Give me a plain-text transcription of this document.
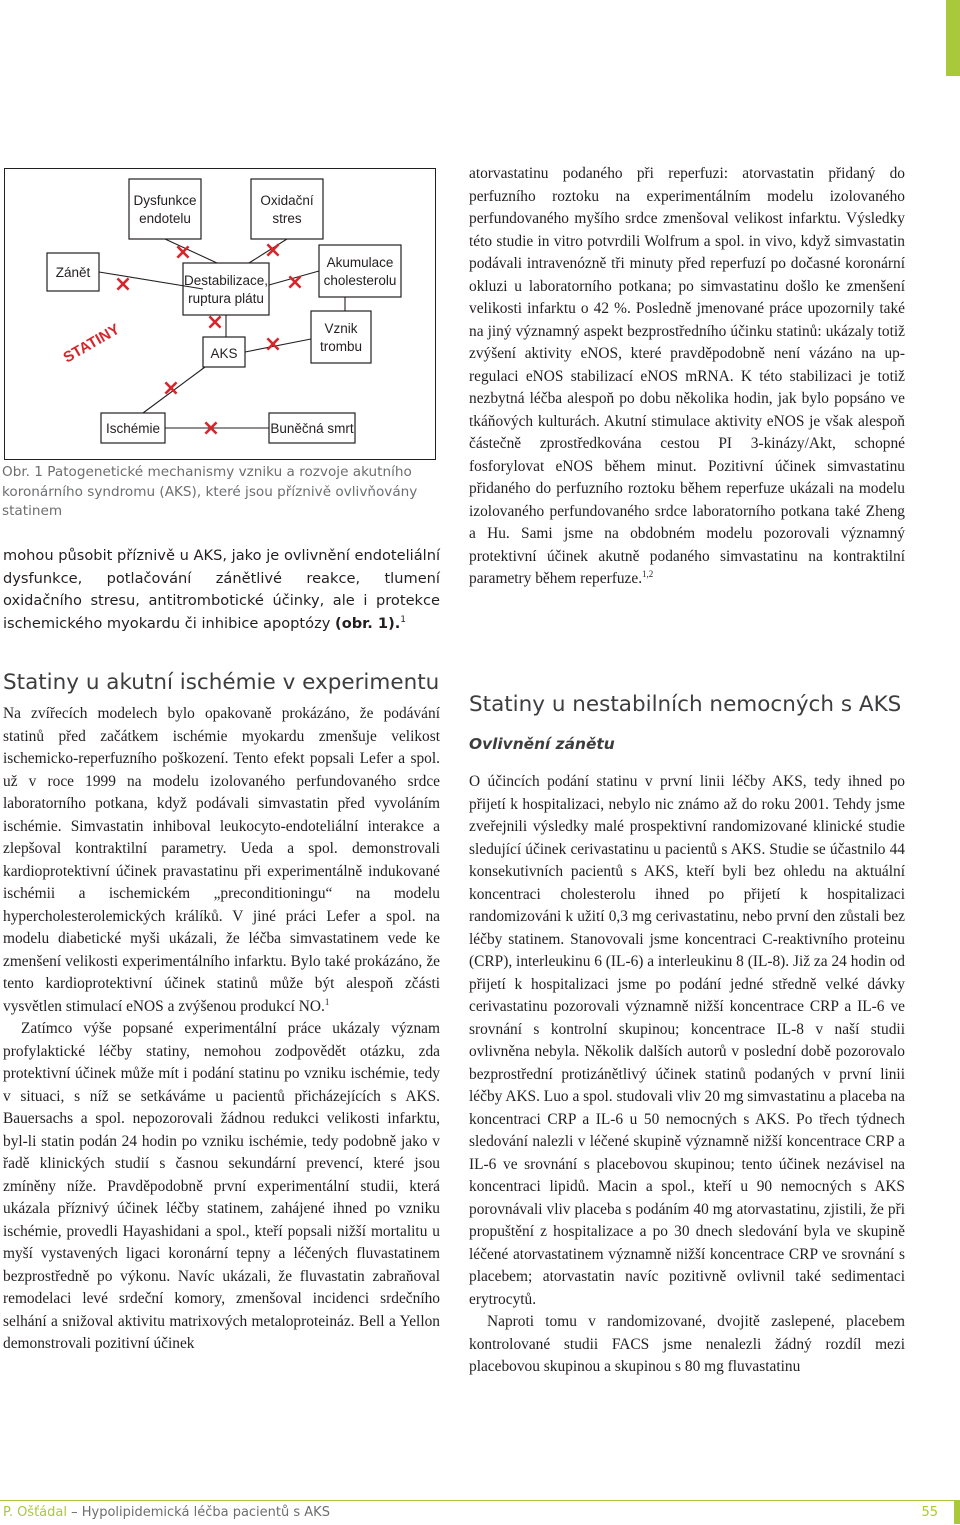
×
×	×
×
×
×
×
×
Zánět
Dysfunkce
endotelu
Oxidační
stres
Akumulace
cholesterolu
Destabilizace,
ruptura plátu
Vznik
trombu
AKS
Ischémie	Buněčná smrt
STATINY
Obr. 1 Patogenetické mechanismy vzniku a rozvoje akutního koronárního syndromu (AKS), které jsou příznivě ovlivňovány statinem

mohou působit příznivě u AKS, jako je ovlivnění endoteliální dysfunkce, potlačování zánětlivé reakce, tlumení oxidačního stresu, antitrombotické účinky, ale i protekce ischemického myokardu či inhibice apoptózy (obr. 1).$^1$

Statiny u akutní ischémie v experimentu

Na zvířecích modelech bylo opakovaně prokázáno, že podávání statinů před začátkem ischémie myokardu zmenšuje velikost ischemicko-reperfuzního poškození. Tento efekt popsali Lefer a spol. už v roce 1999 na modelu izolovaného perfundovaného srdce laboratorního potkana, když podávali simvastatin před vyvoláním ischémie. Simvastatin inhiboval leukocyto-endoteliální interakce a zlepšoval kontraktilní parametry. Ueda a spol. demonstrovali kardioprotektivní účinek pravastatinu při experimentálně indukované ischémii a ischemickém „preconditioningu“ na modelu hypercholesterolemických králíků. V jiné práci Lefer a spol. na modelu diabetické myši ukázali, že léčba simvastatinem vede ke zmenšení velikosti experimentálního infarktu. Bylo také prokázáno, že tento kardioprotektivní účinek statinů může být alespoň zčásti vysvětlen stimulací eNOS a zvýšenou produkcí NO.$^1$

Zatímco výše popsané experimentální práce ukázaly význam profylaktické léčby statiny, nemohou zodpovědět otázku, zda protektivní účinek může mít i podání statinu po vzniku ischémie, tedy v situaci, s níž se setkáváme u pacientů přicházejících s AKS. Bauersachs a spol. nepozorovali žádnou redukci velikosti infarktu, byl-li statin podán 24 hodin po vzniku ischémie, tedy podobně jako v řadě klinických studií s časnou sekundární prevencí, které jsou zmíněny níže. Pravděpodobně první experimentální studii, která ukázala příznivý účinek léčby statinem, zahájené ihned po vzniku ischémie, provedli Hayashidani a spol., kteří popsali nižší mortalitu u myší vystavených ligaci koronární tepny a léčených fluvastatinem bezprostředně po výkonu. Navíc ukázali, že fluvastatin zabraňoval remodelaci levé srdeční komory, zmenšoval incidenci srdečního selhání a snižoval aktivitu matrixových metaloproteináz. Bell a Yellon demonstrovali pozitivní účinek

atorvastatinu podaného při reperfuzi: atorvastatin přidaný do perfuzního roztoku na experimentálním modelu izolovaného perfundovaného myšího srdce zmenšoval velikost infarktu. Výsledky této studie in vitro potvrdili Wolfrum a spol. in vivo, když simvastatin podávali intravenózně tři minuty před reperfuzí po dočasné koronární okluzi u laboratorního potkana; po simvastatinu došlo ke zmenšení velikosti infarktu o 42 %. Posledně jmenované práce upozornily také na jiný významný aspekt bezprostředního účinku statinů: ukázaly totiž zvýšení aktivity eNOS, které pravděpodobně není vázáno na up-regulaci eNOS stabilizací eNOS mRNA. K této stabilizaci je totiž nezbytná léčba alespoň po dobu několika hodin, jak bylo popsáno ve tkáňových kulturách. Akutní stimulace aktivity eNOS je však alespoň částečně zprostředkována cestou PI 3-kinázy/Akt, schopné fosforylovat eNOS během minut. Pozitivní účinek simvastatinu přidaného do perfuzního roztoku během reperfuze ukázali na modelu izolovaného perfundovaného srdce laboratorního potkana také Zheng a Hu. Sami jsme na obdobném modelu pozorovali významný protektivní účinek akutně podaného simvastatinu na kontraktilní parametry během reperfuze.$^{1,2}$

Statiny u nestabilních nemocných s AKS
Ovlivnění zánětu

O účincích podání statinu v první linii léčby AKS, tedy ihned po přijetí k hospitalizaci, nebylo nic známo až do roku 2001. Tehdy jsme zveřejnili výsledky malé prospektivní randomizované klinické studie sledující účinek cerivastatinu u pacientů s AKS. Studie se účastnilo 44 konsekutivních pacientů s AKS, kteří byli bez ohledu na aktuální koncentraci cholesterolu ihned po přijetí k hospitalizaci randomizováni k užití 0,3 mg cerivastatinu, nebo první den zůstali bez léčby statinem. Stanovovali jsme koncentraci C-reaktivního proteinu (CRP), interleukinu 6 (IL-6) a interleukinu 8 (IL-8). Již za 24 hodin od přijetí k hospitalizaci jsme po podání jedné středně velké dávky cerivastatinu pozorovali významně nižší koncentrace CRP a IL-6 ve srovnání s kontrolní skupinou; koncentrace IL-8 v naší studii ovlivněna nebyla. Několik dalších autorů v poslední době pozorovalo bezprostřední protizánětlivý účinek statinů podaných v první linii léčby AKS. Luo a spol. studovali vliv 20 mg simvastatinu a placeba na koncentraci CRP a IL-6 u 50 nemocných s AKS. Po třech týdnech sledování nalezli v léčené skupině významně nižší koncentrace CRP a IL-6 ve srovnání s placebovou skupinou; tento účinek nezávisel na koncentraci lipidů. Macin a spol., kteří u 90 nemocných s AKS porovnávali vliv placeba s podáním 40 mg atorvastatinu, zjistili, že při propuštění z hospitalizace a po 30 dnech sledování byla ve skupině léčené atorvastatinem významně nižší koncentrace CRP ve srovnání s placebem; atorvastatin navíc pozitivně ovlivnil také sedimentaci erytrocytů.

Naproti tomu v randomizované, dvojitě zaslepené, placebem kontrolované studii FACS jsme nenalezli žádný rozdíl mezi placebovou skupinou a skupinou s 80 mg fluvastatinu

P. Ošťádal – Hypolipidemická léčba pacientů s AKS	55
